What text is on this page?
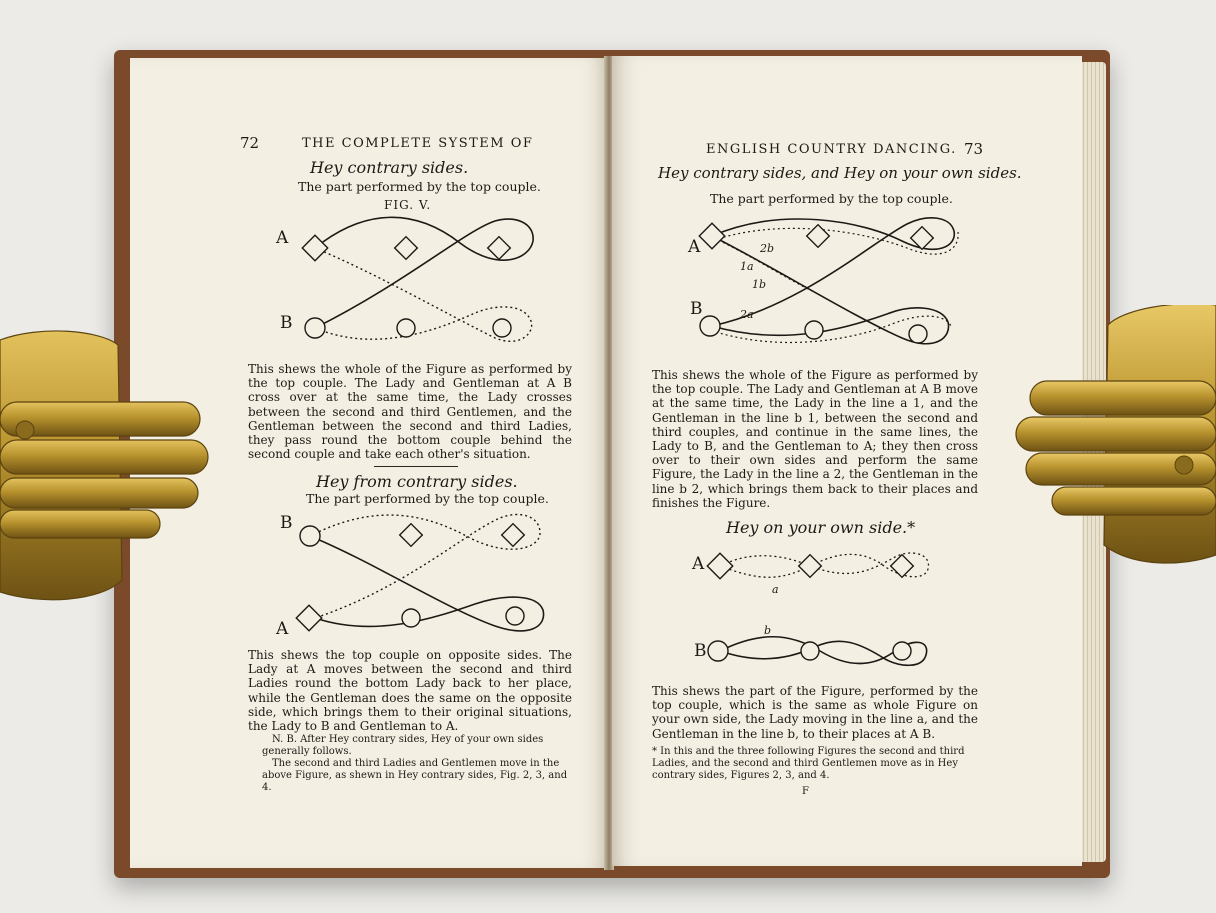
72	THE COMPLETE SYSTEM OF
Hey contrary sides.
The part performed by the top couple.
FIG. V.
A
B
This shews the whole of the Figure as performed by the top couple. The Lady and Gentleman at A B cross over at the same time, the Lady crosses between the second and third Gentlemen, and the Gentleman between the second and third Ladies, they pass round the bottom couple behind the second couple and take each other's situation.
Hey from contrary sides.
The part performed by the top couple.
B
A
This shews the top couple on opposite sides. The Lady at A moves between the second and third Ladies round the bottom Lady back to her place, while the Gentleman does the same on the opposite side, which brings them to their original situations, the Lady to B and Gentleman to A.
N. B. After Hey contrary sides, Hey of your own sides generally follows.
The second and third Ladies and Gentlemen move in the above Figure, as shewn in Hey contrary sides, Fig. 2, 3, and 4.
ENGLISH COUNTRY DANCING. 73
Hey contrary sides, and Hey on your own sides.
The part performed by the top couple.
A
B
2b
1a
1b
2a
This shews the whole of the Figure as performed by the top couple. The Lady and Gentleman at A B move at the same time, the Lady in the line a 1, and the Gentleman in the line b 1, between the second and third couples, and continue in the same lines, the Lady to B, and the Gentleman to A; they then cross over to their own sides and perform the same Figure, the Lady in the line a 2, the Gentleman in the line b 2, which brings them back to their places and finishes the Figure.
Hey on your own side.*
A
B
a
b
This shews the part of the Figure, performed by the top couple, which is the same as whole Figure on your own side, the Lady moving in the line a, and the Gentleman in the line b, to their places at A B.
* In this and the three following Figures the second and third Ladies, and the second and third Gentlemen move as in Hey contrary sides, Figures 2, 3, and 4.
F
